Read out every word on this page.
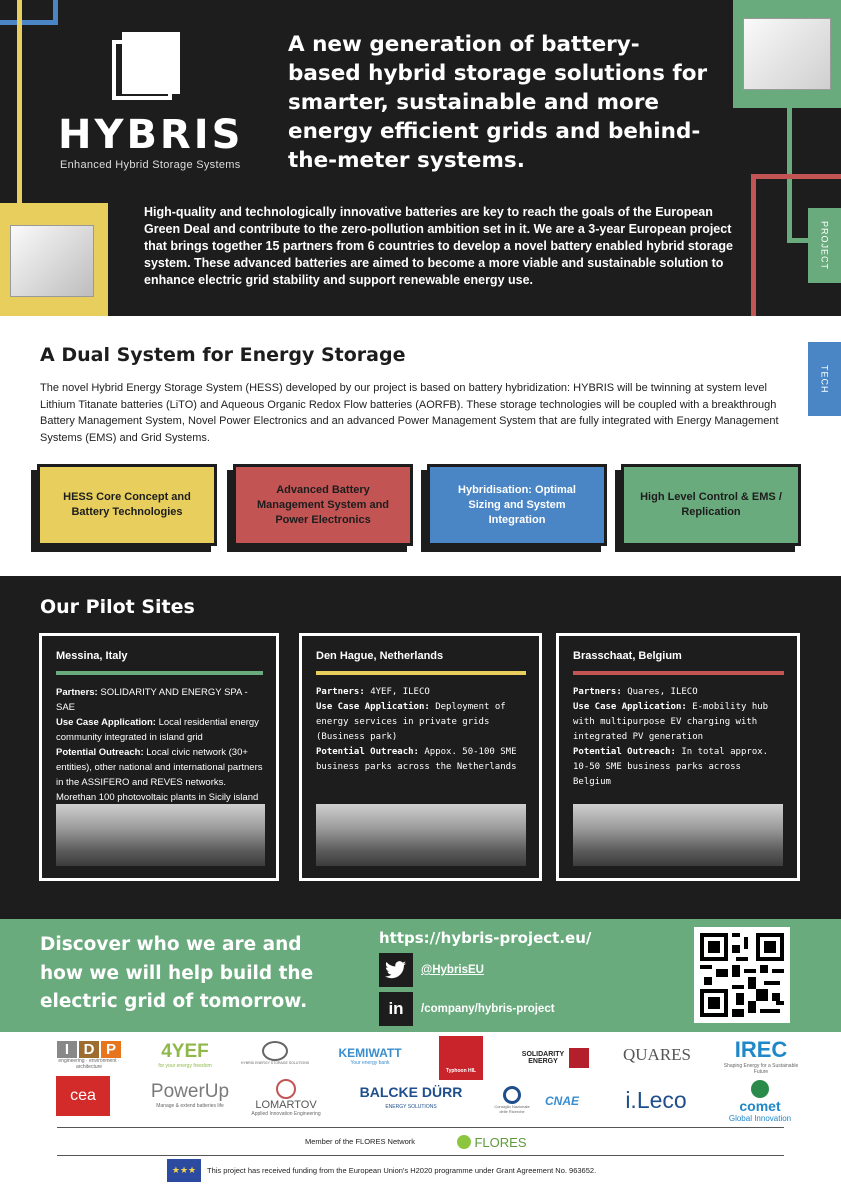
HYBRIS
Enhanced Hybrid Storage Systems
A new generation of battery-based hybrid storage solutions for smarter, sustainable and more energy efficient grids and behind-the-meter systems.
High-quality and technologically innovative batteries are key to reach the goals of the European Green Deal and contribute to the zero-pollution ambition set in it. We are a 3-year European project that brings together 15 partners from 6 countries to develop a novel battery enabled hybrid storage system. These advanced batteries are aimed to become a more viable and sustainable solution to enhance electric grid stability and support renewable energy use.
PROJECT
TECH
A Dual System for Energy Storage
The novel Hybrid Energy Storage System (HESS) developed by our project is based on battery hybridization: HYBRIS will be twinning at system level Lithium Titanate batteries (LiTO) and Aqueous Organic Redox Flow batteries (AORFB). These storage technologies will be coupled with a breakthrough Battery Management System, Novel Power Electronics and an advanced Power Management System that are fully integrated with Energy Management Systems (EMS) and Grid Systems.
HESS Core Concept and Battery Technologies
Advanced Battery Management System and Power Electronics
Hybridisation: Optimal Sizing and System Integration
High Level Control & EMS / Replication
Our Pilot Sites
Messina, Italy
Partners: SOLIDARITY AND ENERGY SPA - SAE
Use Case Application: Local residential energy community integrated in island grid
Potential Outreach: Local civic network (30+ entities), other national and international partners in the ASSIFERO and REVES networks. Morethan 100 photovoltaic plants in Sicily island
Den Hague, Netherlands
Partners: 4YEF, ILECO
Use Case Application: Deployment of energy services in private grids (Business park)
Potential Outreach: Appox. 50-100 SME business parks across the Netherlands
Brasschaat, Belgium
Partners: Quares, ILECO
Use Case Application: E-mobility hub with multipurpose EV charging with integrated PV generation
Potential Outreach: In total approx. 10-50 SME business parks across Belgium
Discover who we are and how we will help build the electric grid of tomorrow.
https://hybris-project.eu/
@HybrisEU
in	/company/hybris-project
I D P
engineering · environment · architecture
4YEF
for your energy freedom	HYBRID ENERGY STORAGE SOLUTIONS
KEMIWATT
Your energy bank
Typhoon HIL
SOLIDARITY ENERGY	QUARES IREC
Shaping Energy for a Sustainable Future
cea	PowerUp
Manage & extend batteries life	LOMARTOV
Applied Innovation Engineering
BALCKE DÜRR
ENERGY SOLUTIONS	Consiglio Nazionale delle Ricerche
CNAE i.Leco	comet
Global Innovation
Member of the FLORES Network	FLORES
★★★	This project has received funding from the European Union's H2020 programme under Grant Agreement No. 963652.
